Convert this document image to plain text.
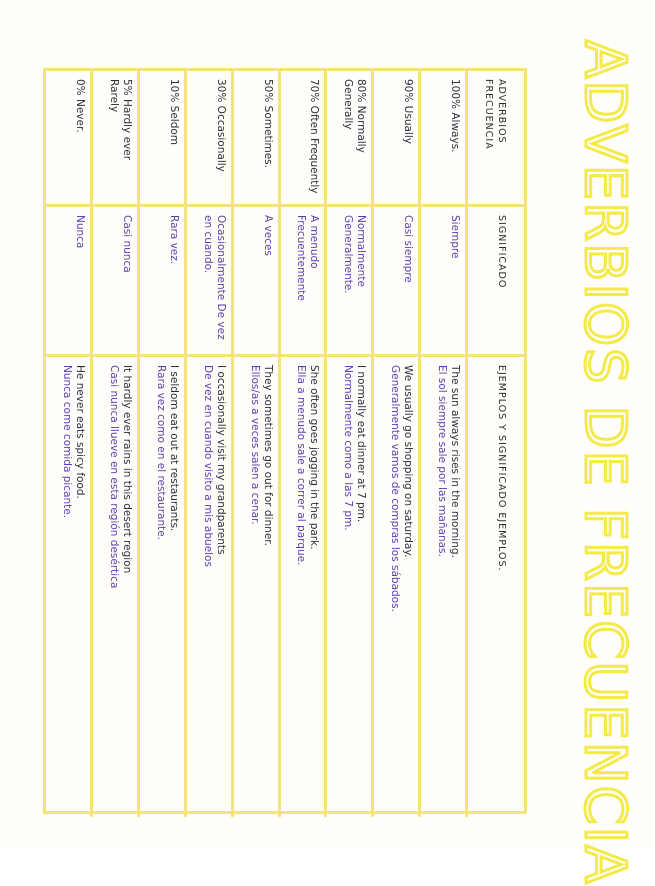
ADVERBIOS DE FRECUENCIA
ADVERBIOS FRECUENCIA
SIGNIFICADO
EJEMPLOS Y SIGNIFICADO EJEMPLOS.
100% Always.
Siempre
The sun always rises in the morning.
El sol siempre sale por las mañanas.
90% Usually
Casi siempre
We usually go shopping on saturday.
Generalmente vamos de compras los sábados.
80% Normally Generally
Normalmente Generalmente.
I normally eat dinner at 7 pm.
Normalmente como a las 7 pm.
70% Often Frequently
A menudo Frecuentemente
She often goes jogging in the park.
Ella a menudo sale a correr al parque.
50% Sometimes.
A veces
They sometimes go out for dinner.
Ellos/as a veces salen a cenar.
30% Occasionally
Ocasionalmente De vez en cuando.
I occasionally visit my grandparents
De vez en cuando visito a mis abuelos
10% Seldom
Rara vez.
I seldom eat out at restaurants.
Rara vez como en el restaurante.
5% Hardly ever Rarely
Casi nunca
It hardly ever rains in this desert region
Casi nunca llueve en esta región desértica
0% Never.
Nunca
He never eats spicy food.
Nunca come comida picante.
